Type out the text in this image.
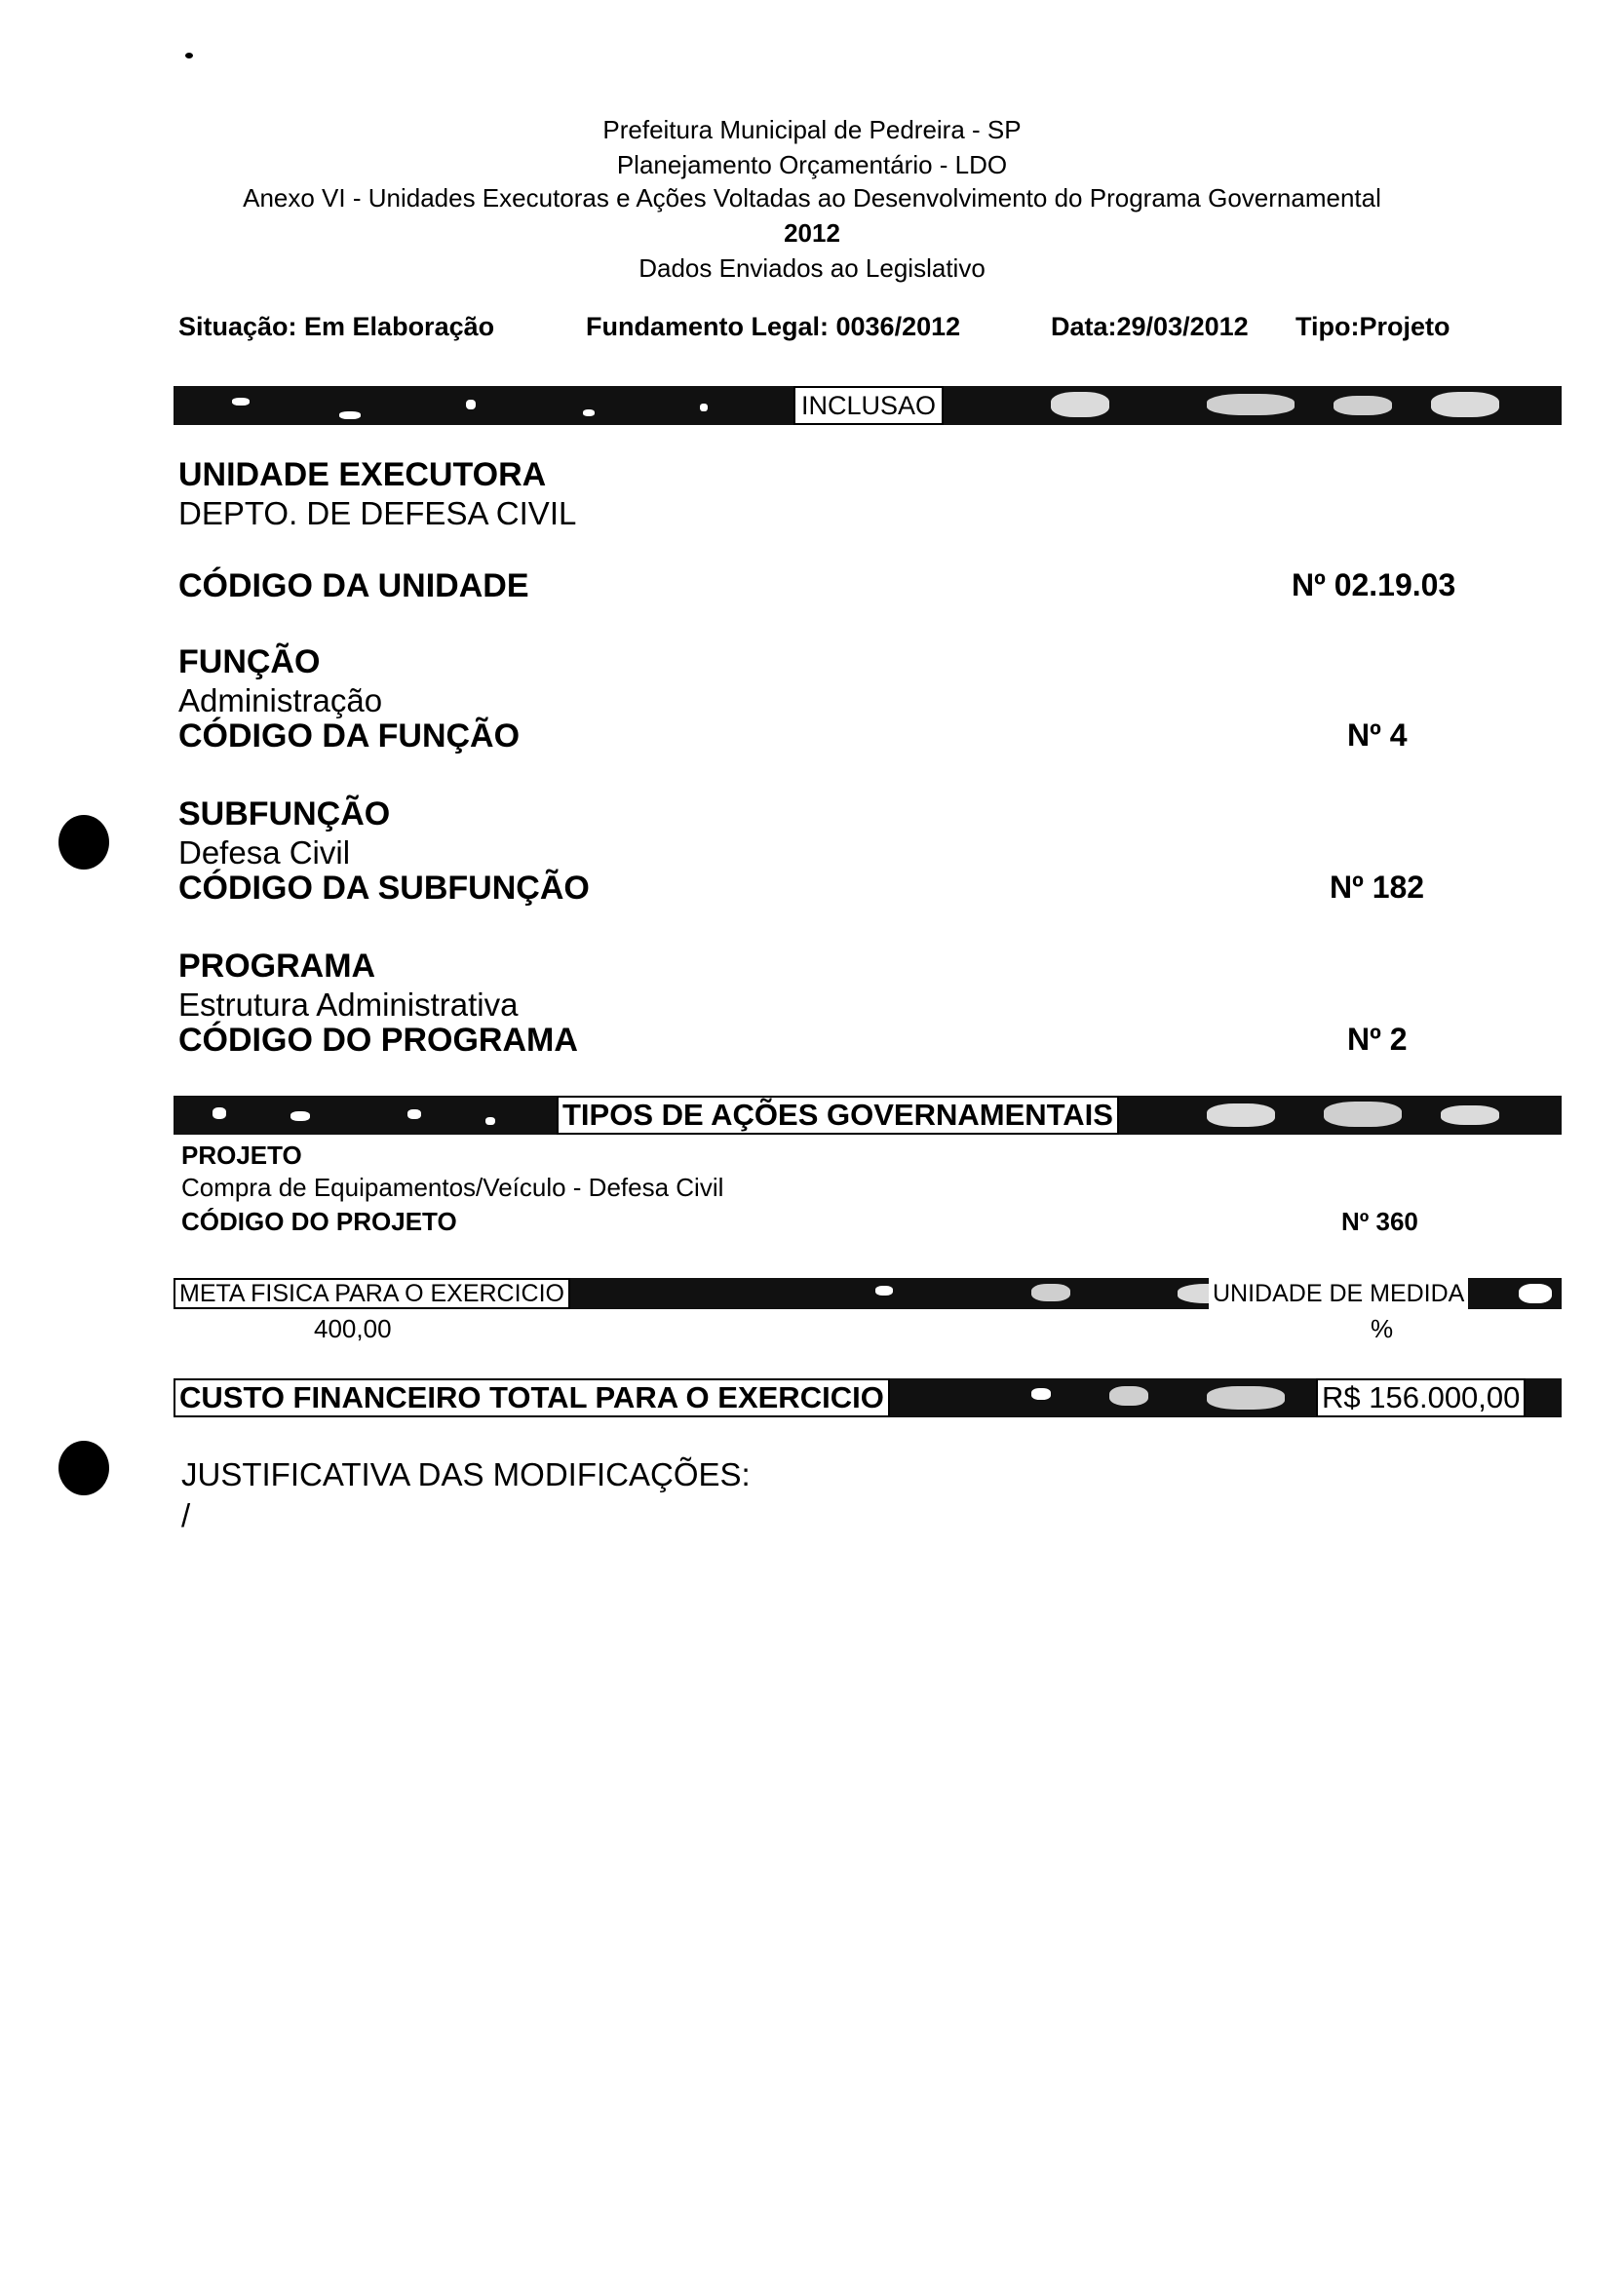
Prefeitura Municipal de Pedreira - SP
Planejamento Orçamentário - LDO
Anexo VI - Unidades Executoras e Ações Voltadas ao Desenvolvimento do Programa Governamental
2012
Dados Enviados ao Legislativo
Situação: Em Elaboração	Fundamento Legal: 0036/2012	Data:29/03/2012 Tipo:Projeto
INCLUSAO
UNIDADE EXECUTORA
DEPTO. DE DEFESA CIVIL
CÓDIGO DA UNIDADE	Nº 02.19.03
FUNÇÃO
Administração
CÓDIGO DA FUNÇÃO	Nº 4
SUBFUNÇÃO
Defesa Civil
CÓDIGO DA SUBFUNÇÃO	Nº 182
PROGRAMA
Estrutura Administrativa
CÓDIGO DO PROGRAMA	Nº 2
TIPOS DE AÇÕES GOVERNAMENTAIS
PROJETO
Compra de Equipamentos/Veículo - Defesa Civil
CÓDIGO DO PROJETO	Nº 360
META FISICA PARA O EXERCICIO	UNIDADE DE MEDIDA
400,00	%
CUSTO FINANCEIRO TOTAL PARA O EXERCICIO	R$ 156.000,00
JUSTIFICATIVA DAS MODIFICAÇÕES:
/
